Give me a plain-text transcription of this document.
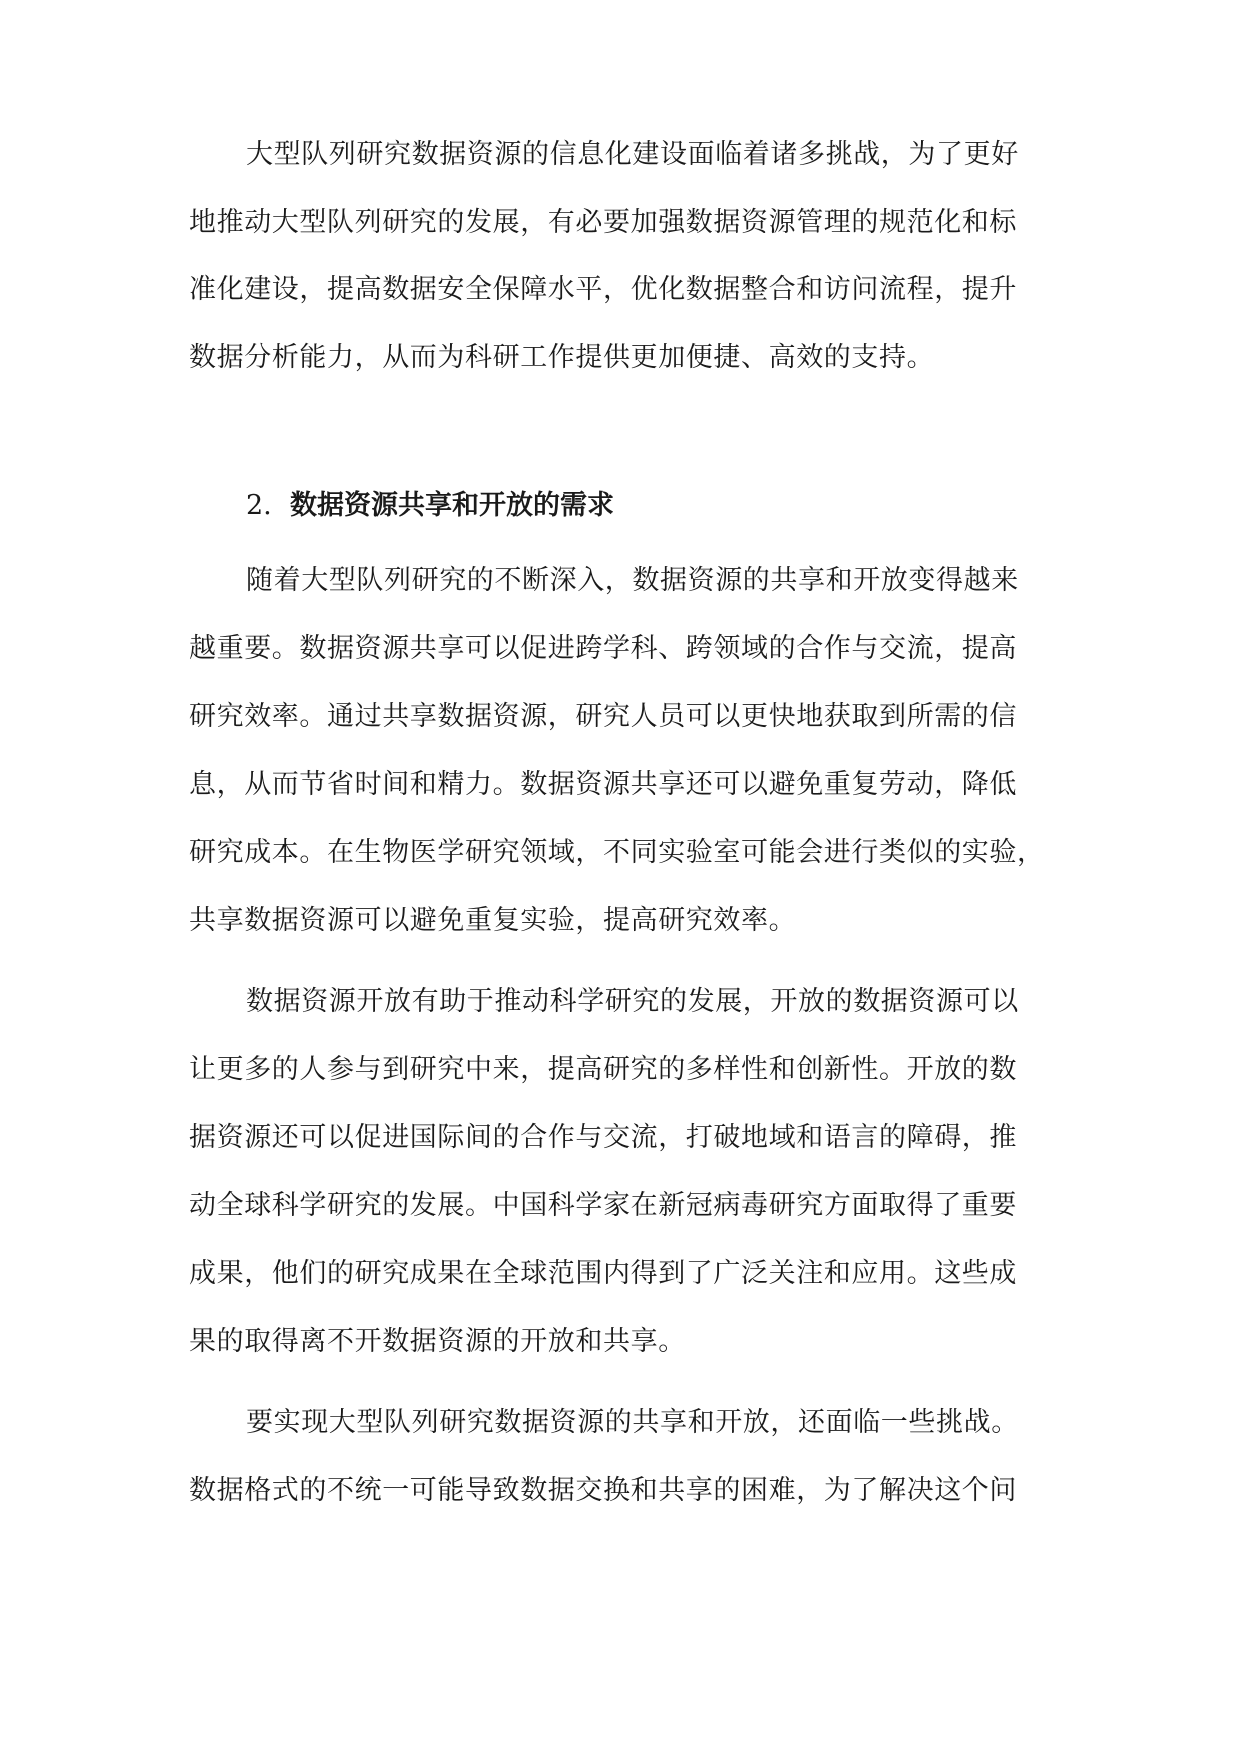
大型队列研究数据资源的信息化建设面临着诸多挑战，为了更好
地推动大型队列研究的发展，有必要加强数据资源管理的规范化和标
准化建设，提高数据安全保障水平，优化数据整合和访问流程，提升
数据分析能力，从而为科研工作提供更加便捷、高效的支持。
2. 数据资源共享和开放的需求
随着大型队列研究的不断深入，数据资源的共享和开放变得越来
越重要。数据资源共享可以促进跨学科、跨领域的合作与交流，提高
研究效率。通过共享数据资源，研究人员可以更快地获取到所需的信
息，从而节省时间和精力。数据资源共享还可以避免重复劳动，降低
研究成本。在生物医学研究领域，不同实验室可能会进行类似的实验，
共享数据资源可以避免重复实验，提高研究效率。
数据资源开放有助于推动科学研究的发展，开放的数据资源可以
让更多的人参与到研究中来，提高研究的多样性和创新性。开放的数
据资源还可以促进国际间的合作与交流，打破地域和语言的障碍，推
动全球科学研究的发展。中国科学家在新冠病毒研究方面取得了重要
成果，他们的研究成果在全球范围内得到了广泛关注和应用。这些成
果的取得离不开数据资源的开放和共享。
要实现大型队列研究数据资源的共享和开放，还面临一些挑战。
数据格式的不统一可能导致数据交换和共享的困难，为了解决这个问
